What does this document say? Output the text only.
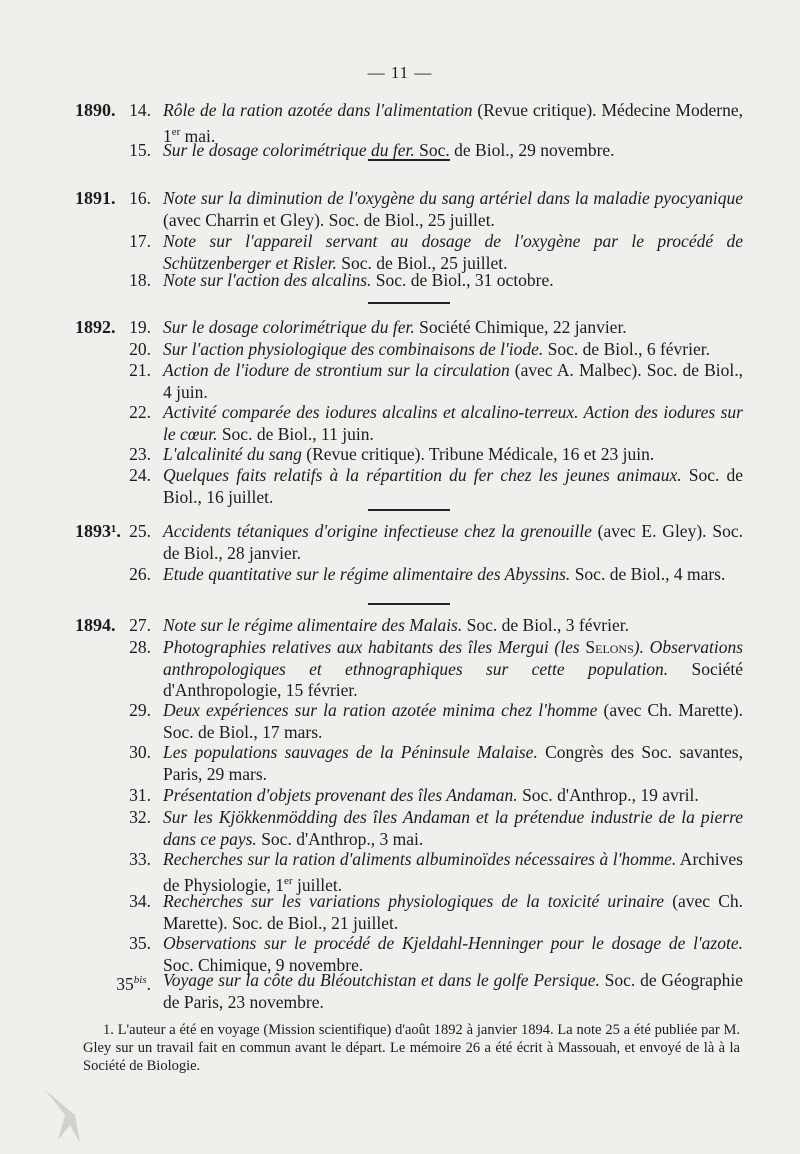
— 11 —
1890. 14. Rôle de la ration azotée dans l'alimentation (Revue critique). Médecine Moderne, 1er mai.
15. Sur le dosage colorimétrique du fer. Soc. de Biol., 29 novembre.
1891. 16. Note sur la diminution de l'oxygène du sang artériel dans la maladie pyocyanique (avec Charrin et Gley). Soc. de Biol., 25 juillet.
17. Note sur l'appareil servant au dosage de l'oxygène par le procédé de Schützenberger et Risler. Soc. de Biol., 25 juillet.
18. Note sur l'action des alcalins. Soc. de Biol., 31 octobre.
1892. 19. Sur le dosage colorimétrique du fer. Société Chimique, 22 janvier.
20. Sur l'action physiologique des combinaisons de l'iode. Soc. de Biol., 6 février.
21. Action de l'iodure de strontium sur la circulation (avec A. Malbec). Soc. de Biol., 4 juin.
22. Activité comparée des iodures alcalins et alcalino-terreux. Action des iodures sur le cœur. Soc. de Biol., 11 juin.
23. L'alcalinité du sang (Revue critique). Tribune Médicale, 16 et 23 juin.
24. Quelques faits relatifs à la répartition du fer chez les jeunes animaux. Soc. de Biol., 16 juillet.
1893¹. 25. Accidents tétaniques d'origine infectieuse chez la grenouille (avec E. Gley). Soc. de Biol., 28 janvier.
26. Etude quantitative sur le régime alimentaire des Abyssins. Soc. de Biol., 4 mars.
1894. 27. Note sur le régime alimentaire des Malais. Soc. de Biol., 3 février.
28. Photographies relatives aux habitants des îles Mergui (les Selons). Observations anthropologiques et ethnographiques sur cette population. Société d'Anthropologie, 15 février.
29. Deux expériences sur la ration azotée minima chez l'homme (avec Ch. Marette). Soc. de Biol., 17 mars.
30. Les populations sauvages de la Péninsule Malaise. Congrès des Soc. savantes, Paris, 29 mars.
31. Présentation d'objets provenant des îles Andaman. Soc. d'Anthrop., 19 avril.
32. Sur les Kjökkenmödding des îles Andaman et la prétendue industrie de la pierre dans ce pays. Soc. d'Anthrop., 3 mai.
33. Recherches sur la ration d'aliments albuminoïdes nécessaires à l'homme. Archives de Physiologie, 1er juillet.
34. Recherches sur les variations physiologiques de la toxicité urinaire (avec Ch. Marette). Soc. de Biol., 21 juillet.
35. Observations sur le procédé de Kjeldahl-Henninger pour le dosage de l'azote. Soc. Chimique, 9 novembre.
$35^{bis}$. Voyage sur la côte du Bléoutchistan et dans le golfe Persique. Soc. de Géographie de Paris, 23 novembre.
1. L'auteur a été en voyage (Mission scientifique) d'août 1892 à janvier 1894. La note 25 a été publiée par M. Gley sur un travail fait en commun avant le départ. Le mémoire 26 a été écrit à Massouah, et envoyé de là à la Société de Biologie.
